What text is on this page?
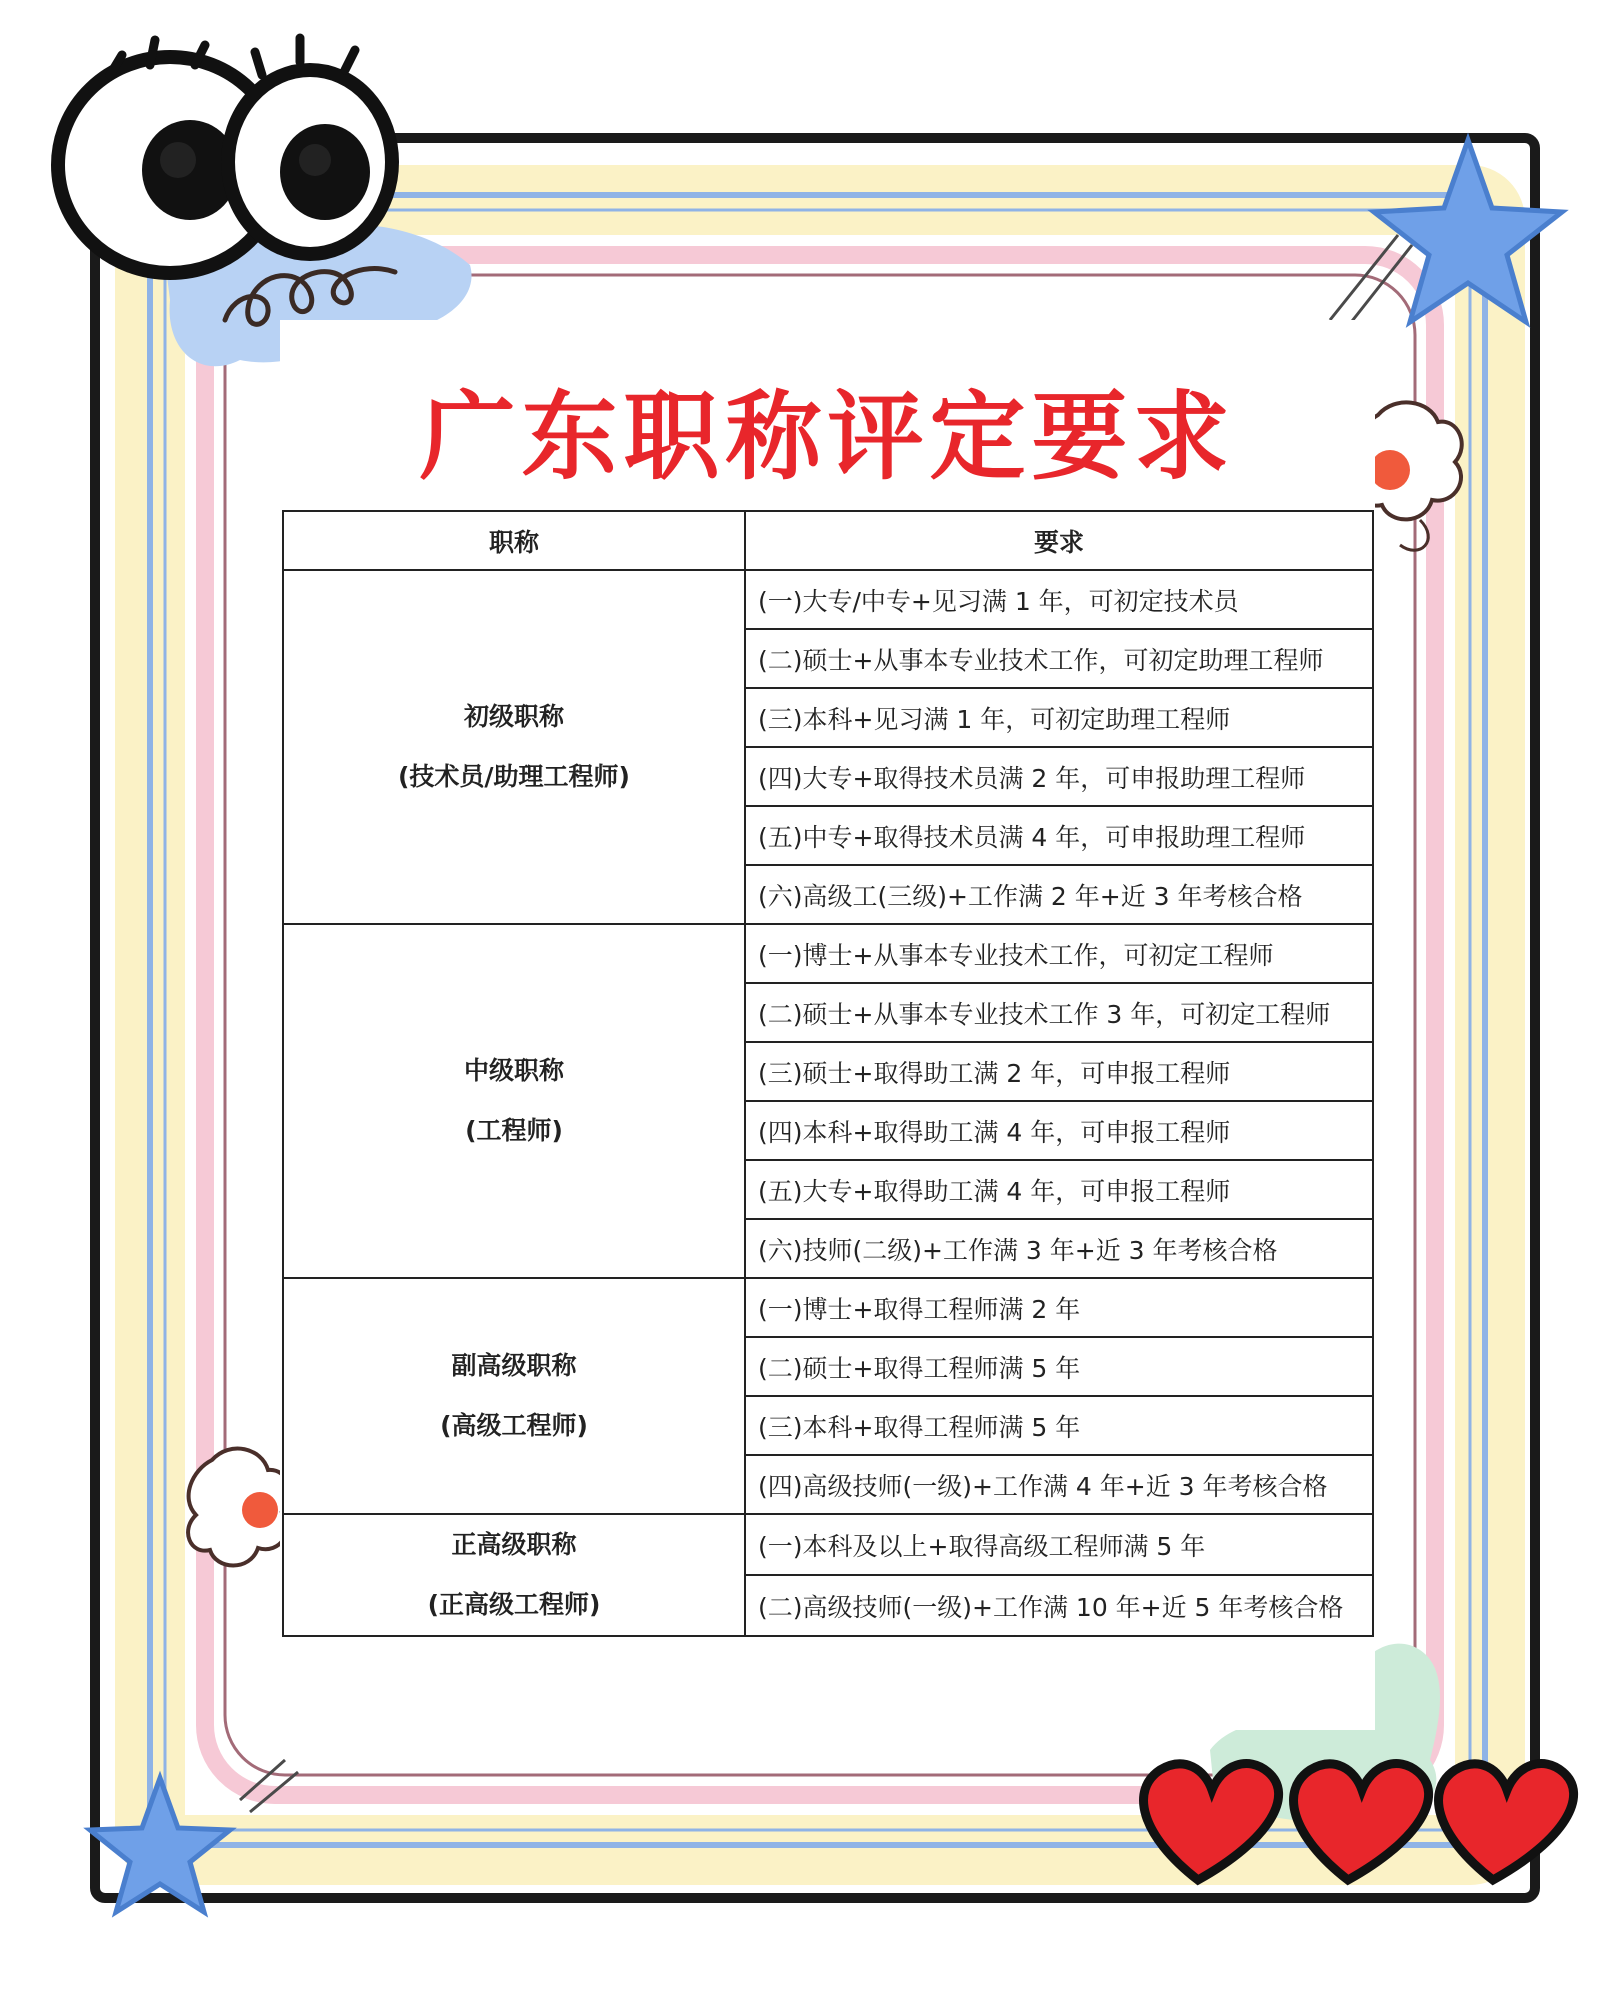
广东职称评定要求
职称	要求

初级职称
(技术员/助理工程师)	(一)大专/中专+见习满 1 年，可初定技术员
	(二)硕士+从事本专业技术工作，可初定助理工程师
	(三)本科+见习满 1 年，可初定助理工程师
	(四)大专+取得技术员满 2 年，可申报助理工程师
	(五)中专+取得技术员满 4 年，可申报助理工程师
	(六)高级工(三级)+工作满 2 年+近 3 年考核合格

中级职称
(工程师)	(一)博士+从事本专业技术工作，可初定工程师
	(二)硕士+从事本专业技术工作 3 年，可初定工程师
	(三)硕士+取得助工满 2 年，可申报工程师
	(四)本科+取得助工满 4 年，可申报工程师
	(五)大专+取得助工满 4 年，可申报工程师
	(六)技师(二级)+工作满 3 年+近 3 年考核合格

副高级职称
(高级工程师)	(一)博士+取得工程师满 2 年
	(二)硕士+取得工程师满 5 年
	(三)本科+取得工程师满 5 年
	(四)高级技师(一级)+工作满 4 年+近 3 年考核合格

正高级职称
(正高级工程师)	(一)本科及以上+取得高级工程师满 5 年
	(二)高级技师(一级)+工作满 10 年+近 5 年考核合格
